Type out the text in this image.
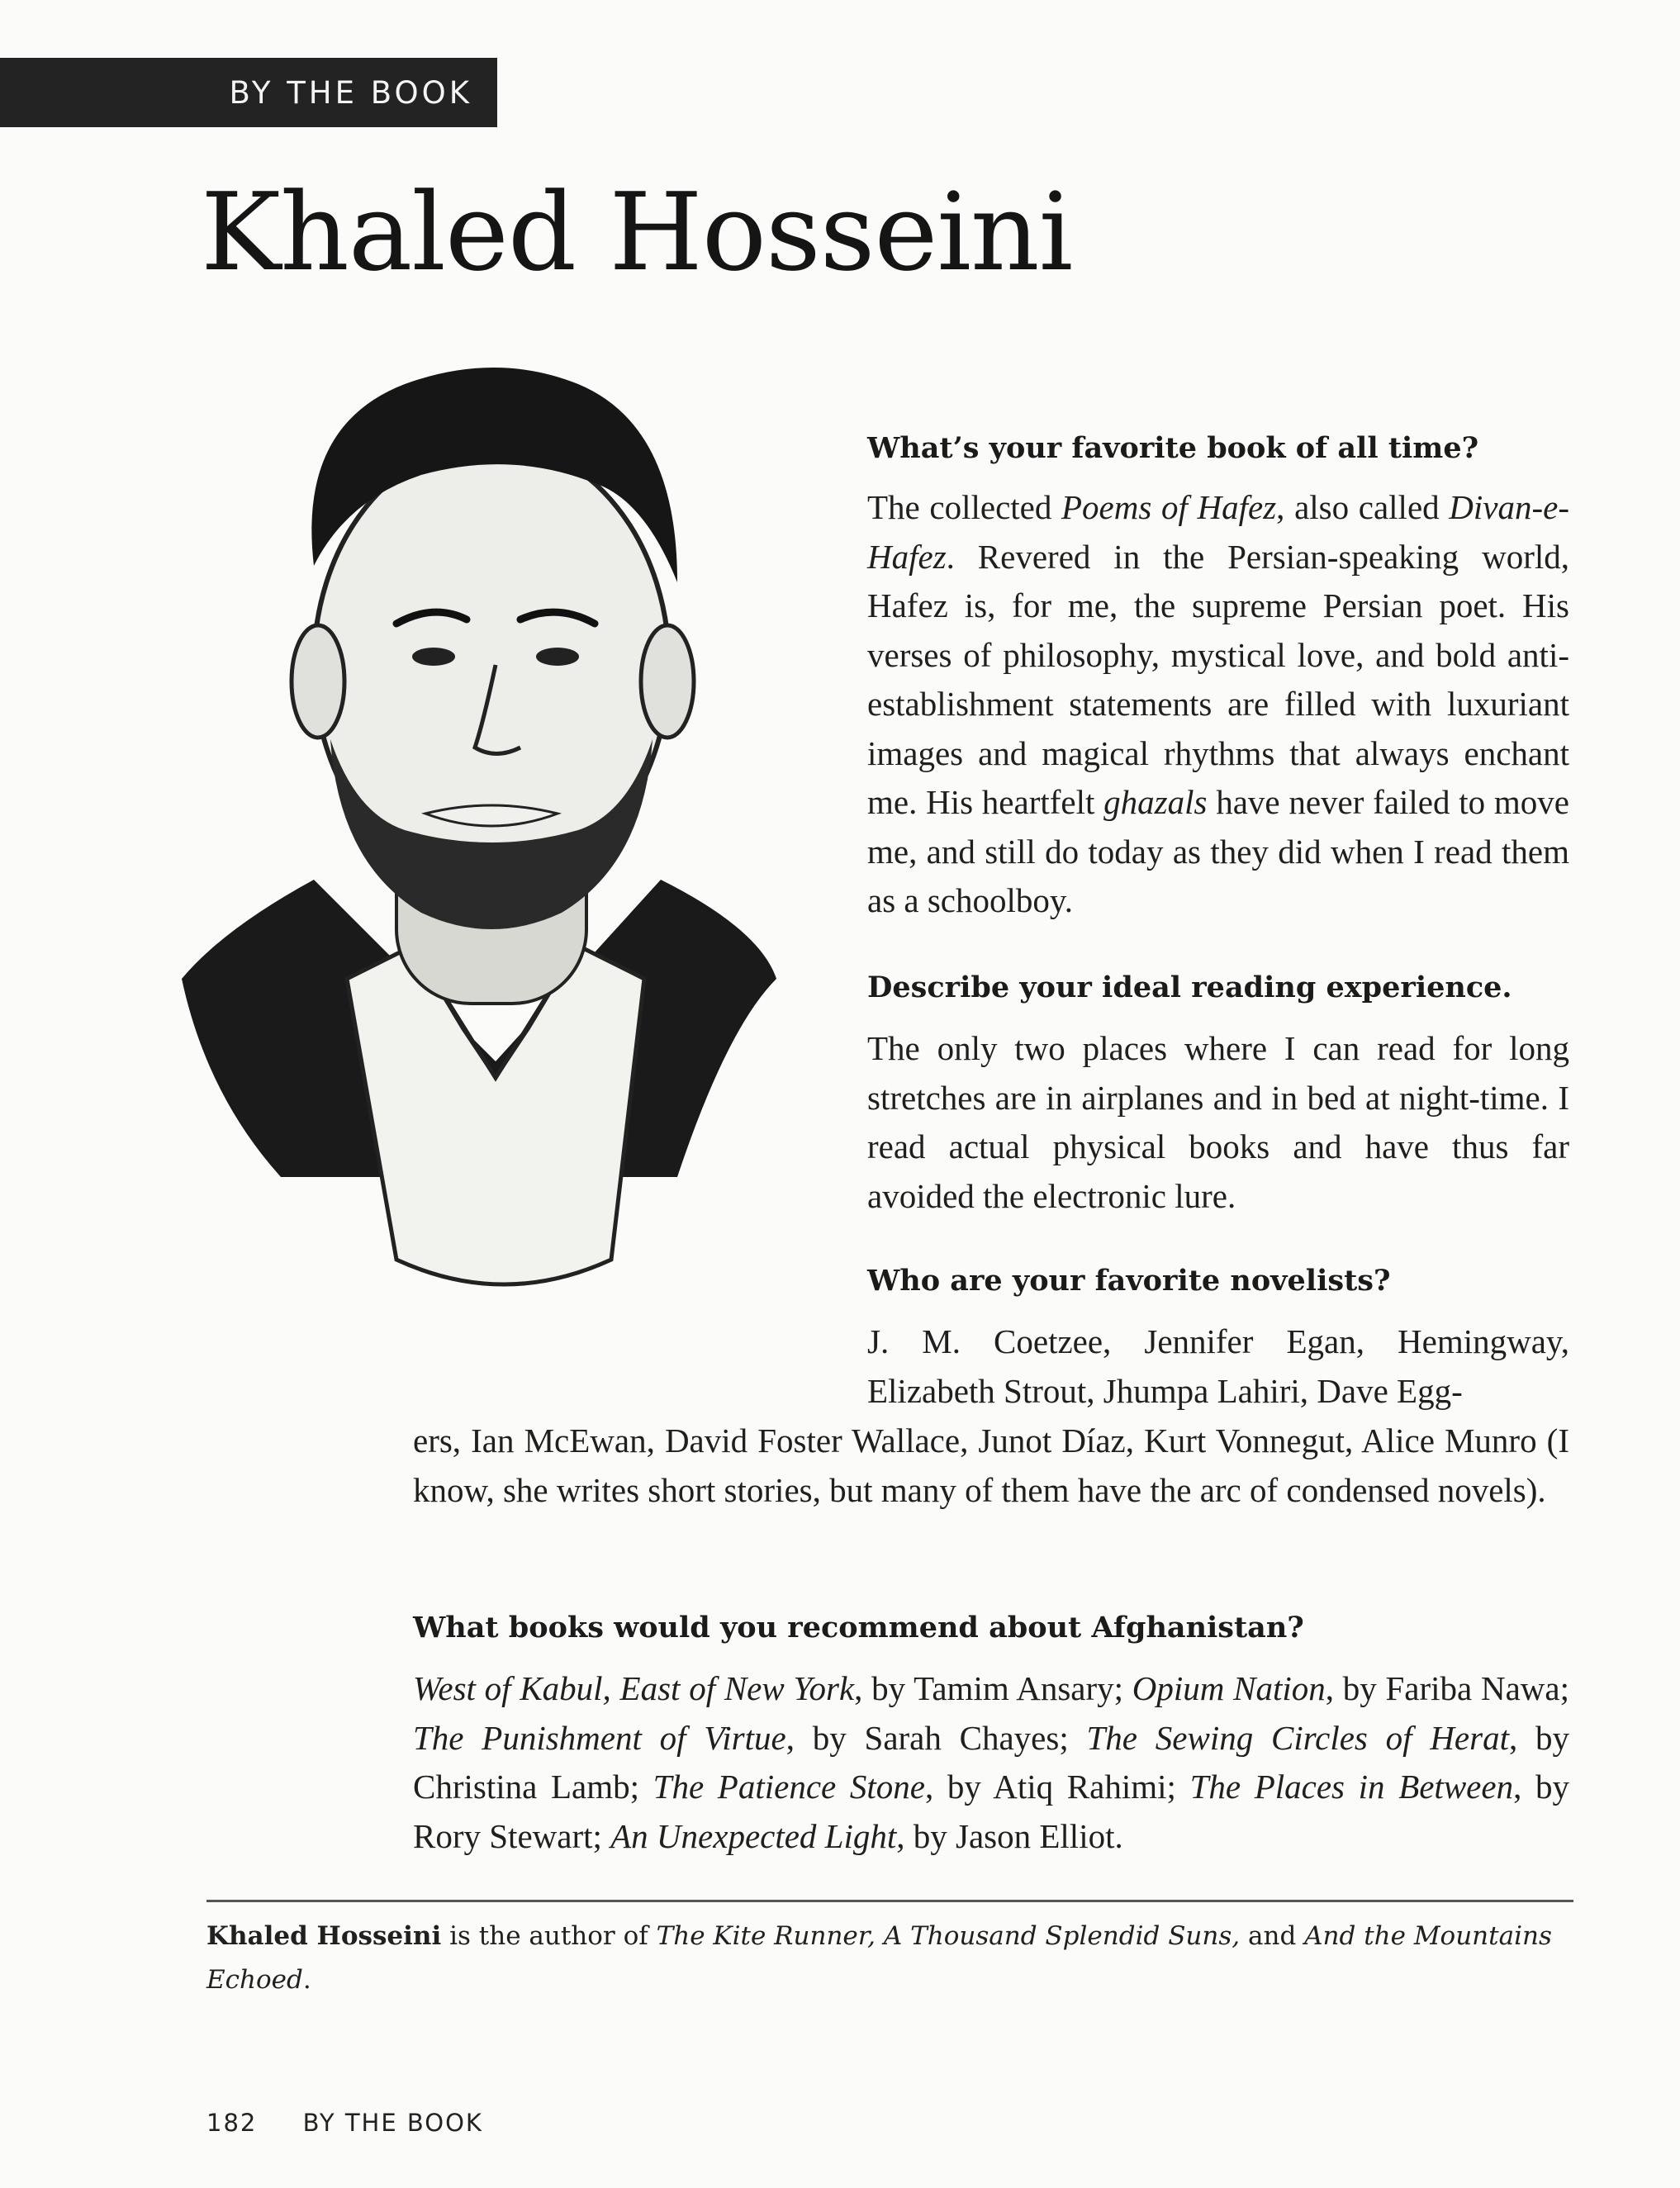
BY THE BOOK
Khaled Hosseini
What’s your favorite book of all time?

The collected Poems of Hafez, also called Divan-e-Hafez. Revered in the Persian-speaking world, Hafez is, for me, the supreme Persian poet. His verses of philosophy, mystical love, and bold anti-establishment statements are filled with luxuriant images and magical rhythms that always enchant me. His heartfelt ghazals have never failed to move me, and still do today as they did when I read them as a schoolboy.

Describe your ideal reading experience.

The only two places where I can read for long stretches are in airplanes and in bed at night-time. I read actual physical books and have thus far avoided the electronic lure.

Who are your favorite novelists?

J. M. Coetzee, Jennifer Egan, Hemingway, Elizabeth Strout, Jhumpa Lahiri, Dave Egg-

ers, Ian McEwan, David Foster Wallace, Junot Díaz, Kurt Vonnegut, Alice Munro (I know, she writes short stories, but many of them have the arc of condensed novels).

What books would you recommend about Afghanistan?

West of Kabul, East of New York, by Tamim Ansary; Opium Nation, by Fariba Nawa; The Punishment of Virtue, by Sarah Chayes; The Sewing Circles of Herat, by Christina Lamb; The Patience Stone, by Atiq Rahimi; The Places in Between, by Rory Stewart; An Unexpected Light, by Jason Elliot.

Khaled Hosseini is the author of The Kite Runner, A Thousand Splendid Suns, and And the Mountains Echoed.

182 BY THE BOOK
